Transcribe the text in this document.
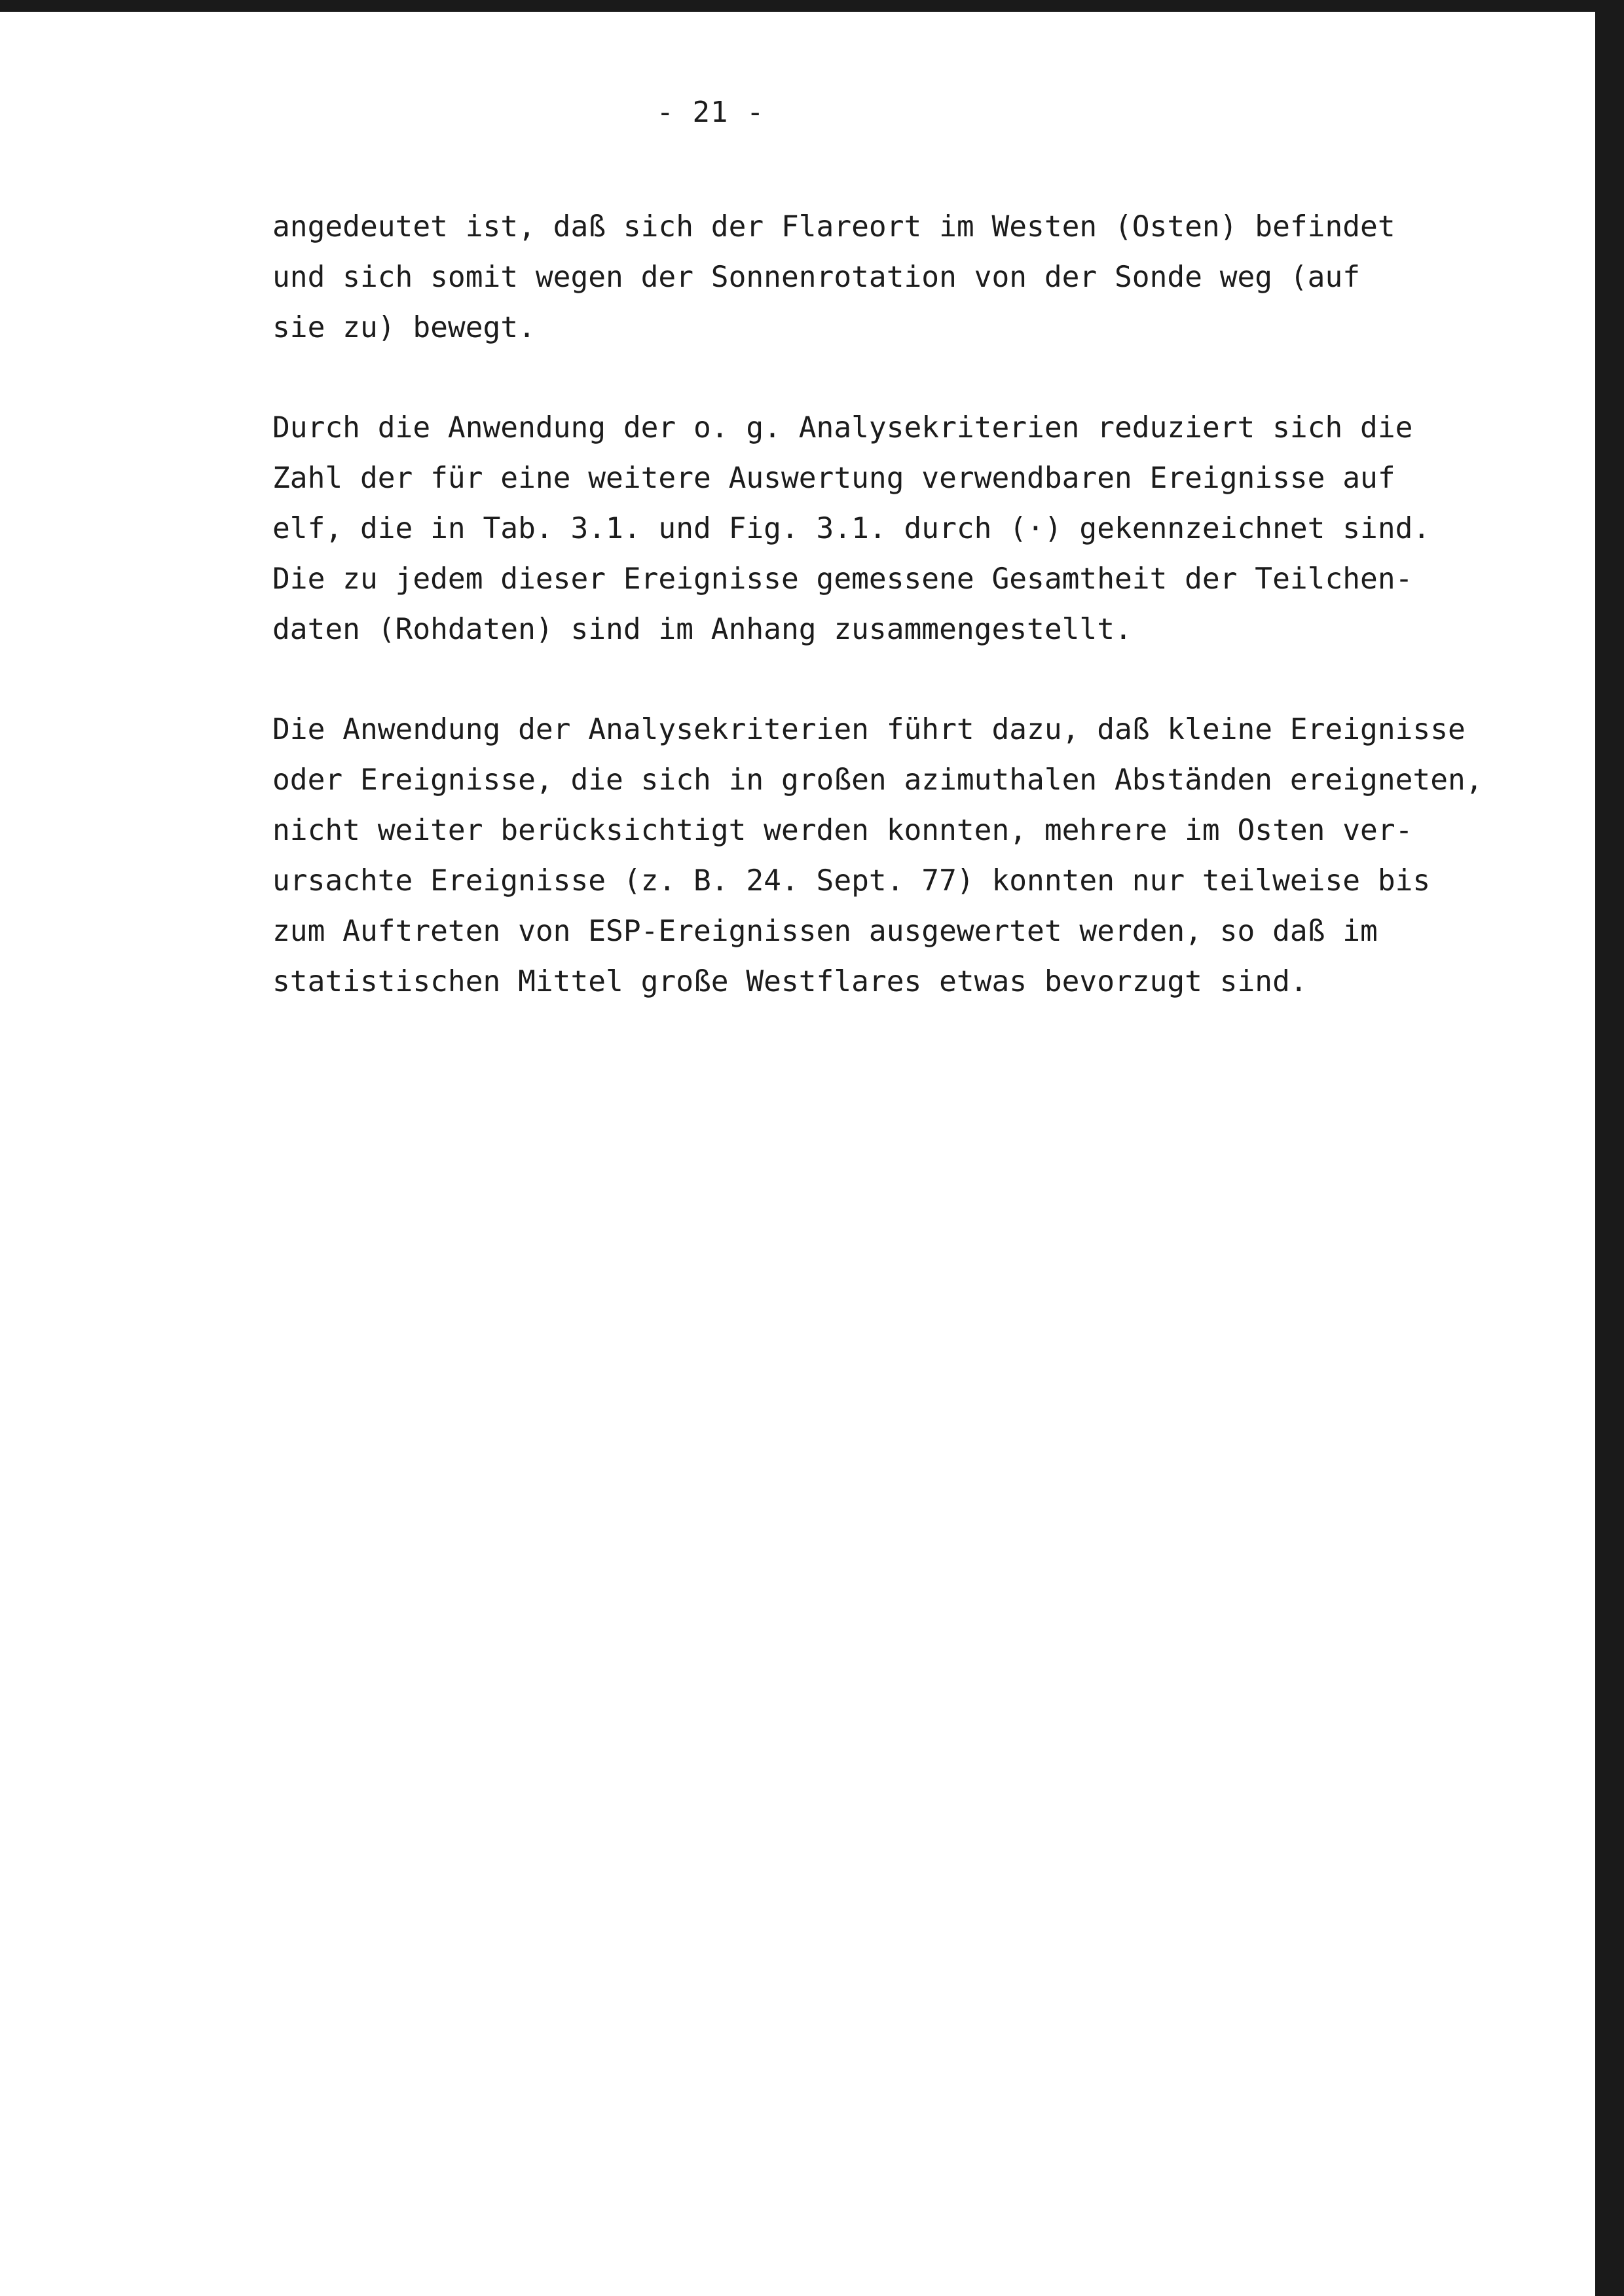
- 21 -

angedeutet ist, daß sich der Flareort im Westen (Osten) befindet
und sich somit wegen der Sonnenrotation von der Sonde weg (auf
sie zu) bewegt.

Durch die Anwendung der o. g. Analysekriterien reduziert sich die
Zahl der für eine weitere Auswertung verwendbaren Ereignisse auf
elf, die in Tab. 3.1. und Fig. 3.1. durch (·) gekennzeichnet sind.
Die zu jedem dieser Ereignisse gemessene Gesamtheit der Teilchen-
daten (Rohdaten) sind im Anhang zusammengestellt.

Die Anwendung der Analysekriterien führt dazu, daß kleine Ereignisse
oder Ereignisse, die sich in großen azimuthalen Abständen ereigneten,
nicht weiter berücksichtigt werden konnten, mehrere im Osten ver-
ursachte Ereignisse (z. B. 24. Sept. 77) konnten nur teilweise bis
zum Auftreten von ESP-Ereignissen ausgewertet werden, so daß im
statistischen Mittel große Westflares etwas bevorzugt sind.
